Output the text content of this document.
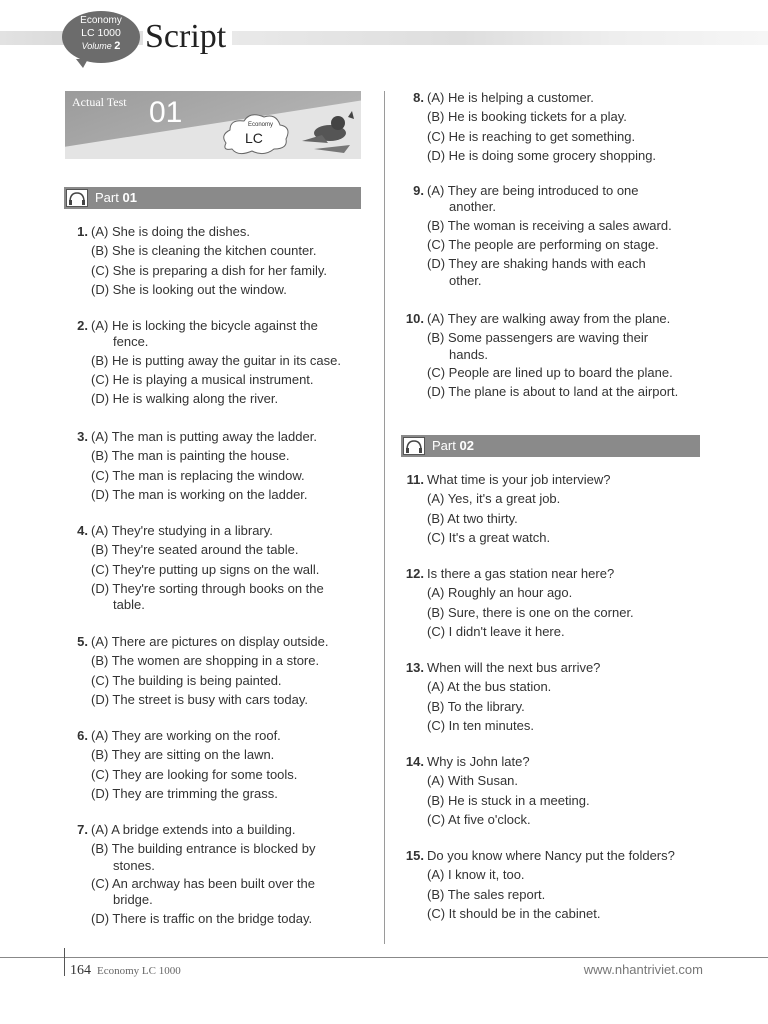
Economy
LC 1000
Volume 2 Script
Actual Test 01	Economy
LC
Part 01
Part 02
1. (A) She is doing the dishes.
(B) She is cleaning the kitchen counter.
(C) She is preparing a dish for her family.
(D) She is looking out the window.
2. (A) He is locking the bicycle against the
fence.
(B) He is putting away the guitar in its case.
(C) He is playing a musical instrument.
(D) He is walking along the river.
3. (A) The man is putting away the ladder.
(B) The man is painting the house.
(C) The man is replacing the window.
(D) The man is working on the ladder.
4. (A) They're studying in a library.
(B) They're seated around the table.
(C) They're putting up signs on the wall.
(D) They're sorting through books on the
table.
5. (A) There are pictures on display outside.
(B) The women are shopping in a store.
(C) The building is being painted.
(D) The street is busy with cars today.
6. (A) They are working on the roof.
(B) They are sitting on the lawn.
(C) They are looking for some tools.
(D) They are trimming the grass.
7. (A) A bridge extends into a building.
(B) The building entrance is blocked by
stones.
(C) An archway has been built over the
bridge.
(D) There is traffic on the bridge today.
8. (A) He is helping a customer.
(B) He is booking tickets for a play.
(C) He is reaching to get something.
(D) He is doing some grocery shopping.
9. (A) They are being introduced to one
another.
(B) The woman is receiving a sales award.
(C) The people are performing on stage.
(D) They are shaking hands with each
other.
10. (A) They are walking away from the plane.
(B) Some passengers are waving their
hands.
(C) People are lined up to board the plane.
(D) The plane is about to land at the airport.
11. What time is your job interview?
(A) Yes, it's a great job.
(B) At two thirty.
(C) It's a great watch.
12. Is there a gas station near here?
(A) Roughly an hour ago.
(B) Sure, there is one on the corner.
(C) I didn't leave it here.
13. When will the next bus arrive?
(A) At the bus station.
(B) To the library.
(C) In ten minutes.
14. Why is John late?
(A) With Susan.
(B) He is stuck in a meeting.
(C) At five o'clock.
15. Do you know where Nancy put the folders?
(A) I know it, too.
(B) The sales report.
(C) It should be in the cabinet.
164 Economy LC 1000	www.nhantriviet.com
